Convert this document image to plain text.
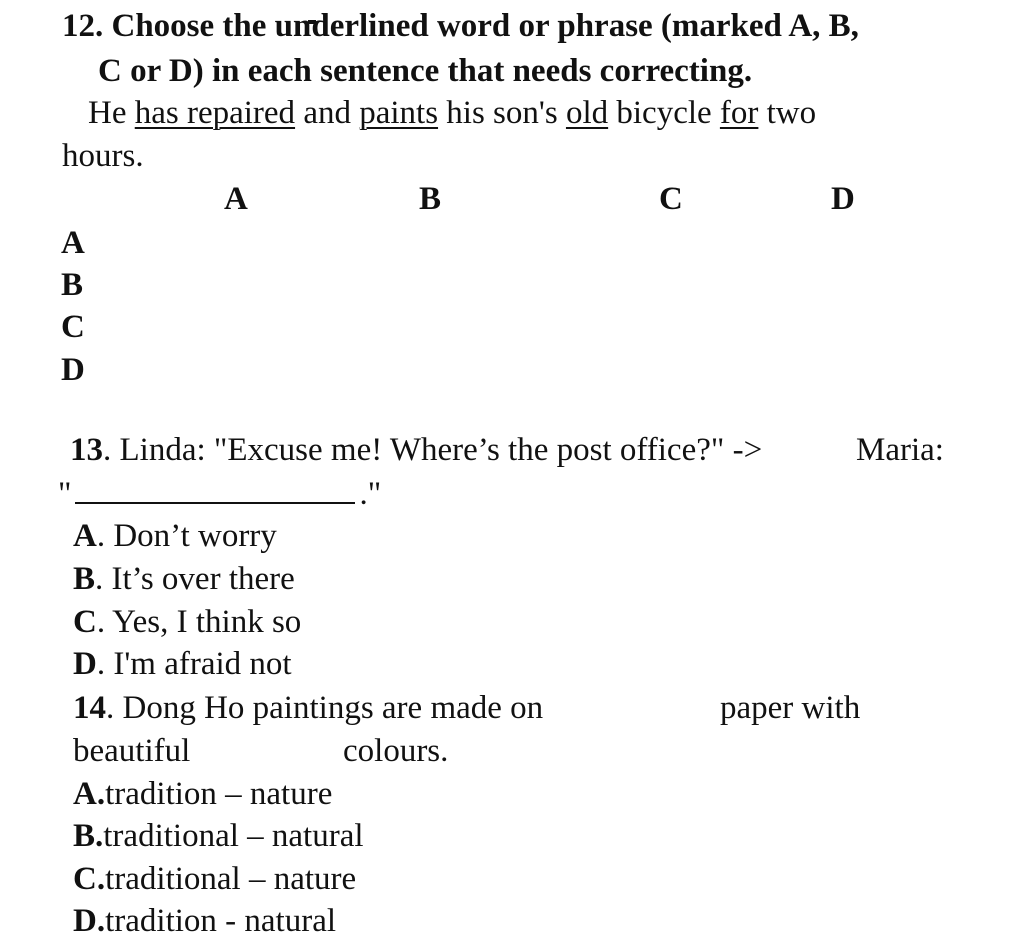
12. Choose the underlined word or phrase (marked A, B,
C or D) in each sentence that needs correcting.
He has repaired and paints his son's old bicycle for two
hours.
A	B	C	D
A
B
C
D
13. Linda: "Excuse me! Where’s the post office?" ->	Maria:
"	."
A. Don’t worry
B. It’s over there
C. Yes, I think so
D. I'm afraid not
14. Dong Ho paintings are made on	paper with
beautiful	colours.
A.tradition – nature
B.traditional – natural
C.traditional – nature
D.tradition - natural
